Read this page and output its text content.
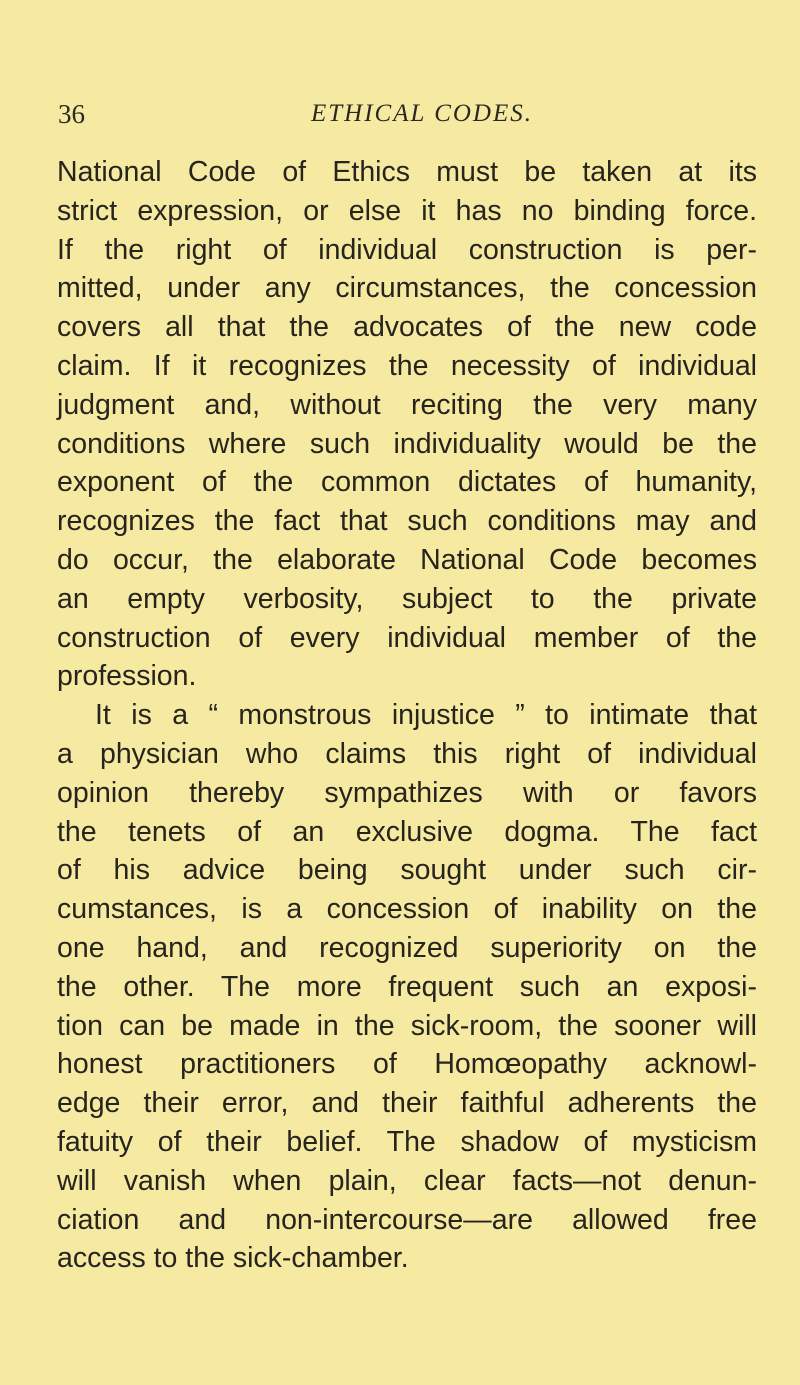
36	ETHICAL CODES.
National Code of Ethics must be taken at its
strict expression, or else it has no binding force.
If the right of individual construction is per-
mitted, under any circumstances, the concession
covers all that the advocates of the new code
claim. If it recognizes the necessity of individual
judgment and, without reciting the very many
conditions where such individuality would be the
exponent of the common dictates of humanity,
recognizes the fact that such conditions may and
do occur, the elaborate National Code becomes
an empty verbosity, subject to the private
construction of every individual member of the
profession.
It is a “ monstrous injustice ” to intimate that
a physician who claims this right of individual
opinion thereby sympathizes with or favors
the tenets of an exclusive dogma. The fact
of his advice being sought under such cir-
cumstances, is a concession of inability on the
one hand, and recognized superiority on the
the other. The more frequent such an exposi-
tion can be made in the sick-room, the sooner will
honest practitioners of Homœopathy acknowl-
edge their error, and their faithful adherents the
fatuity of their belief. The shadow of mysticism
will vanish when plain, clear facts—not denun-
ciation and non-intercourse—are allowed free
access to the sick-chamber.
